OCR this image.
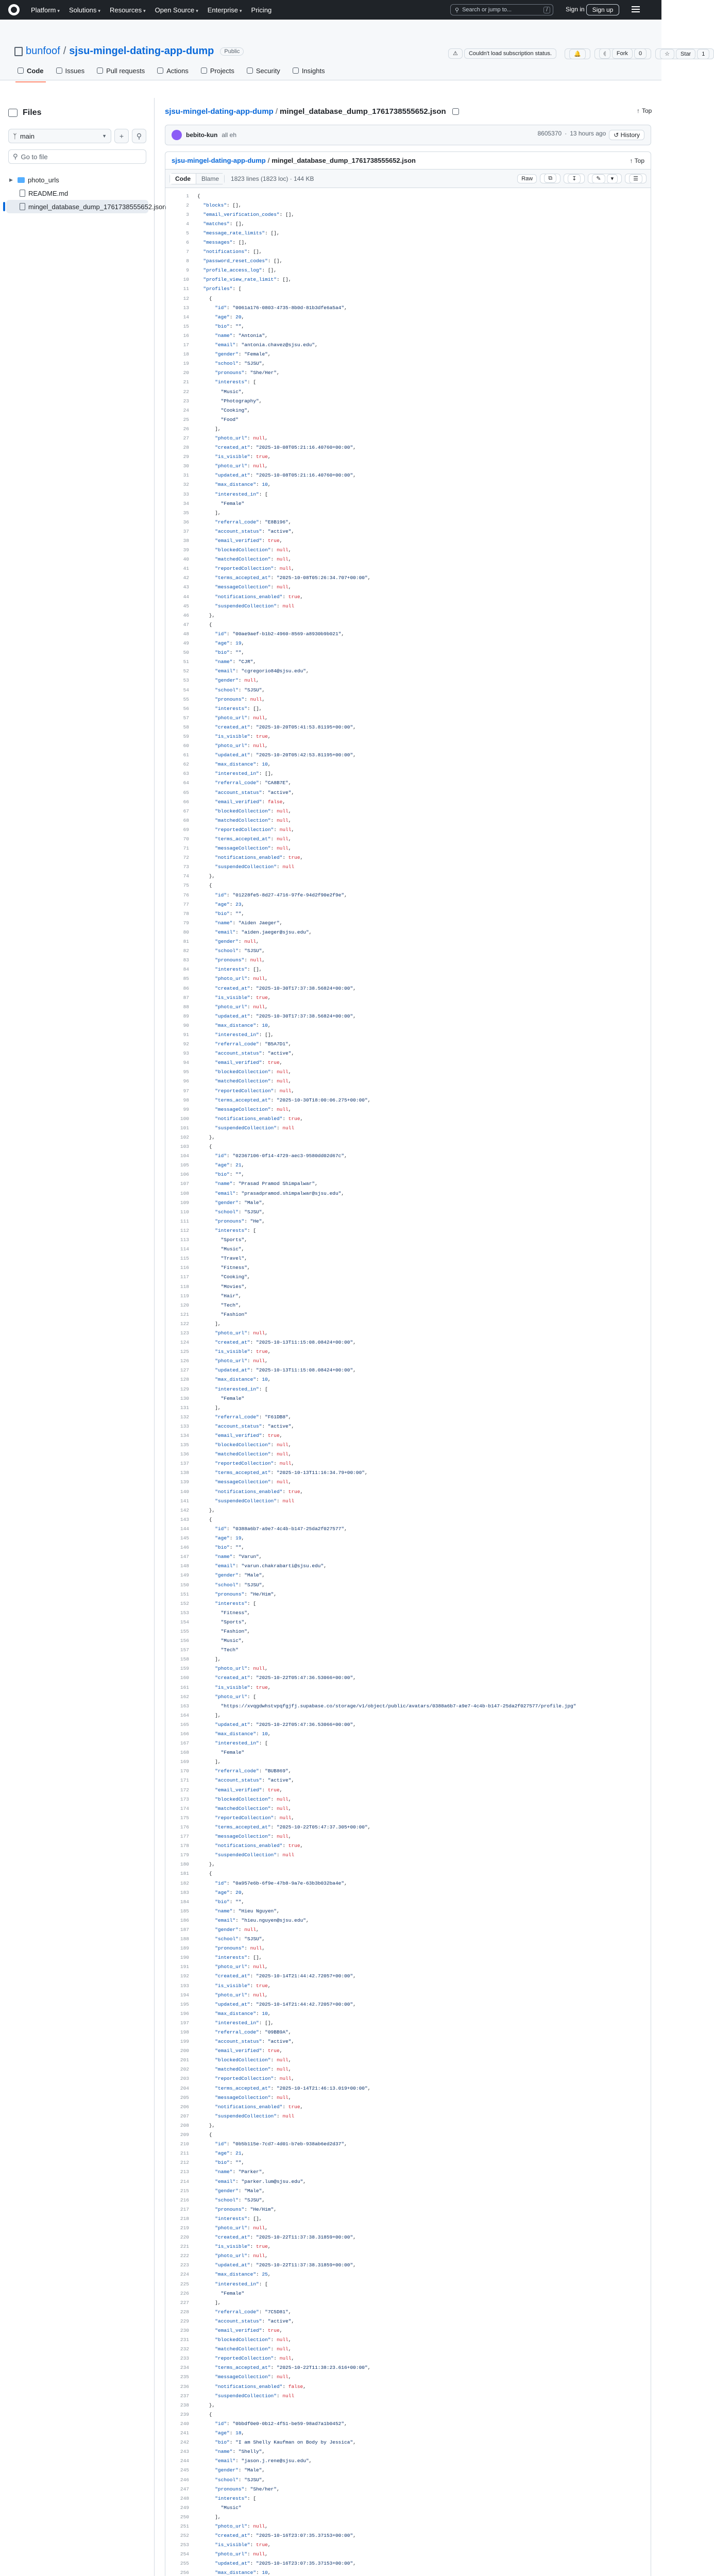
Platform ▾ Solutions ▾ Resources ▾ Open Source ▾ Enterprise ▾ Pricing	⚲ Search or jump to...	/	Sign in	Sign up
bunfoof / sjsu-mingel-dating-app-dump	Public	⚠ Couldn't load subscription status.	🔔	⦇ Fork 0	☆ Star 1
Code	Issues	Pull requests	Actions	Projects	Security	Insights
Files
ᛉ main	▼ + ⚲
⚲ Go to file
▶ photo_urls
README.md
mingel_database_dump_1761738555652.json
sjsu-mingel-dating-app-dump / mingel_database_dump_1761738555652.json	↑ Top
bebito-kun all eh	8605370 · 13 hours ago	↺ History
sjsu-mingel-dating-app-dump / mingel_database_dump_1761738555652.json	↑ Top
Code	Blame	1823 lines (1823 loc) · 144 KB	Raw	⧉	↧	✎ ▾	☰
1	{
2	"blocks": [],
3	"email_verification_codes": [],
4	"matches": [],
5	"message_rate_limits": [],
6	"messages": [],
7	"notifications": [],
8	"password_reset_codes": [],
9	"profile_access_log": [],
10	"profile_view_rate_limit": [],
11	"profiles": [
12	{
13	"id": "0061a176-0803-4735-8b0d-81b3dfe6a5a4",
14	"age": 20,
15	"bio": "",
16	"name": "Antonia",
17	"email": "antonia.chavez@sjsu.edu",
18	"gender": "Female",
19	"school": "SJSU",
20	"pronouns": "She/Her",
21	"interests": [
22	"Music",
23	"Photography",
24	"Cooking",
25	"Food"
26	],
27	"photo_url": null,
28	"created_at": "2025-10-08T05:21:16.40760+00:00",
29	"is_visible": true,
30	"photo_url": null,
31	"updated_at": "2025-10-08T05:21:16.40760+00:00",
32	"max_distance": 10,
33	"interested_in": [
34	"Female"
35	],
36	"referral_code": "E8B196",
37	"account_status": "active",
38	"email_verified": true,
39	"blockedCollection": null,
40	"matchedCollection": null,
41	"reportedCollection": null,
42	"terms_accepted_at": "2025-10-08T05:26:34.707+00:00",
43	"messageCollection": null,
44	"notifications_enabled": true,
45	"suspendedCollection": null
46	},
47	{
48	"id": "00ae9aef-b1b2-4960-8569-a8930b9b021",
49	"age": 19,
50	"bio": "",
51	"name": "CJR",
52	"email": "cgregorio84@sjsu.edu",
53	"gender": null,
54	"school": "SJSU",
55	"pronouns": null,
56	"interests": [],
57	"photo_url": null,
58	"created_at": "2025-10-20T05:41:53.81195+00:00",
59	"is_visible": true,
60	"photo_url": null,
61	"updated_at": "2025-10-20T05:42:53.81195+00:00",
62	"max_distance": 10,
63	"interested_in": [],
64	"referral_code": "CA8B7E",
65	"account_status": "active",
66	"email_verified": false,
67	"blockedCollection": null,
68	"matchedCollection": null,
69	"reportedCollection": null,
70	"terms_accepted_at": null,
71	"messageCollection": null,
72	"notifications_enabled": true,
73	"suspendedCollection": null
74	},
75	{
76	"id": "01228fe5-8d27-4716-97fe-94d2f90e2f9e",
77	"age": 23,
78	"bio": "",
79	"name": "Aiden Jaeger",
80	"email": "aiden.jaeger@sjsu.edu",
81	"gender": null,
82	"school": "SJSU",
83	"pronouns": null,
84	"interests": [],
85	"photo_url": null,
86	"created_at": "2025-10-30T17:37:38.56824+00:00",
87	"is_visible": true,
88	"photo_url": null,
89	"updated_at": "2025-10-30T17:37:38.56824+00:00",
90	"max_distance": 10,
91	"interested_in": [],
92	"referral_code": "B5A7D1",
93	"account_status": "active",
94	"email_verified": true,
95	"blockedCollection": null,
96	"matchedCollection": null,
97	"reportedCollection": null,
98	"terms_accepted_at": "2025-10-30T18:00:06.275+00:00",
99	"messageCollection": null,
100	"notifications_enabled": true,
101	"suspendedCollection": null
102	},
103	{
104	"id": "02367106-0f14-4729-aec3-9580dd02d67c",
105	"age": 21,
106	"bio": "",
107	"name": "Prasad Pramod Shimpalwar",
108	"email": "prasadpramod.shimpalwar@sjsu.edu",
109	"gender": "Male",
110	"school": "SJSU",
111	"pronouns": "He",
112	"interests": [
113	"Sports",
114	"Music",
115	"Travel",
116	"Fitness",
117	"Cooking",
118	"Movies",
119	"Hair",
120	"Tech",
121	"Fashion"
122	],
123	"photo_url": null,
124	"created_at": "2025-10-13T11:15:08.08424+00:00",
125	"is_visible": true,
126	"photo_url": null,
127	"updated_at": "2025-10-13T11:15:08.08424+00:00",
128	"max_distance": 10,
129	"interested_in": [
130	"Female"
131	],
132	"referral_code": "F61DB8",
133	"account_status": "active",
134	"email_verified": true,
135	"blockedCollection": null,
136	"matchedCollection": null,
137	"reportedCollection": null,
138	"terms_accepted_at": "2025-10-13T11:16:34.79+00:00",
139	"messageCollection": null,
140	"notifications_enabled": true,
141	"suspendedCollection": null
142	},
143	{
144	"id": "0388a6b7-a9e7-4c4b-b147-25da2f027577",
145	"age": 19,
146	"bio": "",
147	"name": "Varun",
148	"email": "varun.chakrabarti@sjsu.edu",
149	"gender": "Male",
150	"school": "SJSU",
151	"pronouns": "He/Him",
152	"interests": [
153	"Fitness",
154	"Sports",
155	"Fashion",
156	"Music",
157	"Tech"
158	],
159	"photo_url": null,
160	"created_at": "2025-10-22T05:47:36.53066+00:00",
161	"is_visible": true,
162	"photo_url": [
163	"https://xvqgdwhstvpqfgjfj.supabase.co/storage/v1/object/public/avatars/0388a6b7-a9e7-4c4b-b147-25da2f027577/profile.jpg"
164	],
165	"updated_at": "2025-10-22T05:47:36.53066+00:00",
166	"max_distance": 10,
167	"interested_in": [
168	"Female"
169	],
170	"referral_code": "BUB869",
171	"account_status": "active",
172	"email_verified": true,
173	"blockedCollection": null,
174	"matchedCollection": null,
175	"reportedCollection": null,
176	"terms_accepted_at": "2025-10-22T05:47:37.305+00:00",
177	"messageCollection": null,
178	"notifications_enabled": true,
179	"suspendedCollection": null
180	},
181	{
182	"id": "0a957e6b-6f9e-47b8-9a7e-63b3b032ba4e",
183	"age": 20,
184	"bio": "",
185	"name": "Hieu Nguyen",
186	"email": "hieu.nguyen@sjsu.edu",
187	"gender": null,
188	"school": "SJSU",
189	"pronouns": null,
190	"interests": [],
191	"photo_url": null,
192	"created_at": "2025-10-14T21:44:42.72057+00:00",
193	"is_visible": true,
194	"photo_url": null,
195	"updated_at": "2025-10-14T21:44:42.72057+00:00",
196	"max_distance": 10,
197	"interested_in": [],
198	"referral_code": "09BB9A",
199	"account_status": "active",
200	"email_verified": true,
201	"blockedCollection": null,
202	"matchedCollection": null,
203	"reportedCollection": null,
204	"terms_accepted_at": "2025-10-14T21:46:13.019+00:00",
205	"messageCollection": null,
206	"notifications_enabled": true,
207	"suspendedCollection": null
208	},
209	{
210	"id": "0b5b115e-7cd7-4d01-b7eb-938ab6ed2d37",
211	"age": 21,
212	"bio": "",
213	"name": "Parker",
214	"email": "parker.lum@sjsu.edu",
215	"gender": "Male",
216	"school": "SJSU",
217	"pronouns": "He/Him",
218	"interests": [],
219	"photo_url": null,
220	"created_at": "2025-10-22T11:37:38.31859+00:00",
221	"is_visible": true,
222	"photo_url": null,
223	"updated_at": "2025-10-22T11:37:38.31859+00:00",
224	"max_distance": 25,
225	"interested_in": [
226	"Female"
227	],
228	"referral_code": "7C5D81",
229	"account_status": "active",
230	"email_verified": true,
231	"blockedCollection": null,
232	"matchedCollection": null,
233	"reportedCollection": null,
234	"terms_accepted_at": "2025-10-22T11:38:23.616+00:00",
235	"messageCollection": null,
236	"notifications_enabled": false,
237	"suspendedCollection": null
238	},
239	{
240	"id": "0bbdf0e0-0b12-4f51-be59-98ad7a1b0452",
241	"age": 18,
242	"bio": "I am Shelly Kaufman on Body by Jessica",
243	"name": "Shelly",
244	"email": "jason.j.rene@sjsu.edu",
245	"gender": "Male",
246	"school": "SJSU",
247	"pronouns": "She/her",
248	"interests": [
249	"Music"
250	],
251	"photo_url": null,
252	"created_at": "2025-10-16T23:07:35.37153+00:00",
253	"is_visible": true,
254	"photo_url": null,
255	"updated_at": "2025-10-16T23:07:35.37153+00:00",
256	"max_distance": 10,
